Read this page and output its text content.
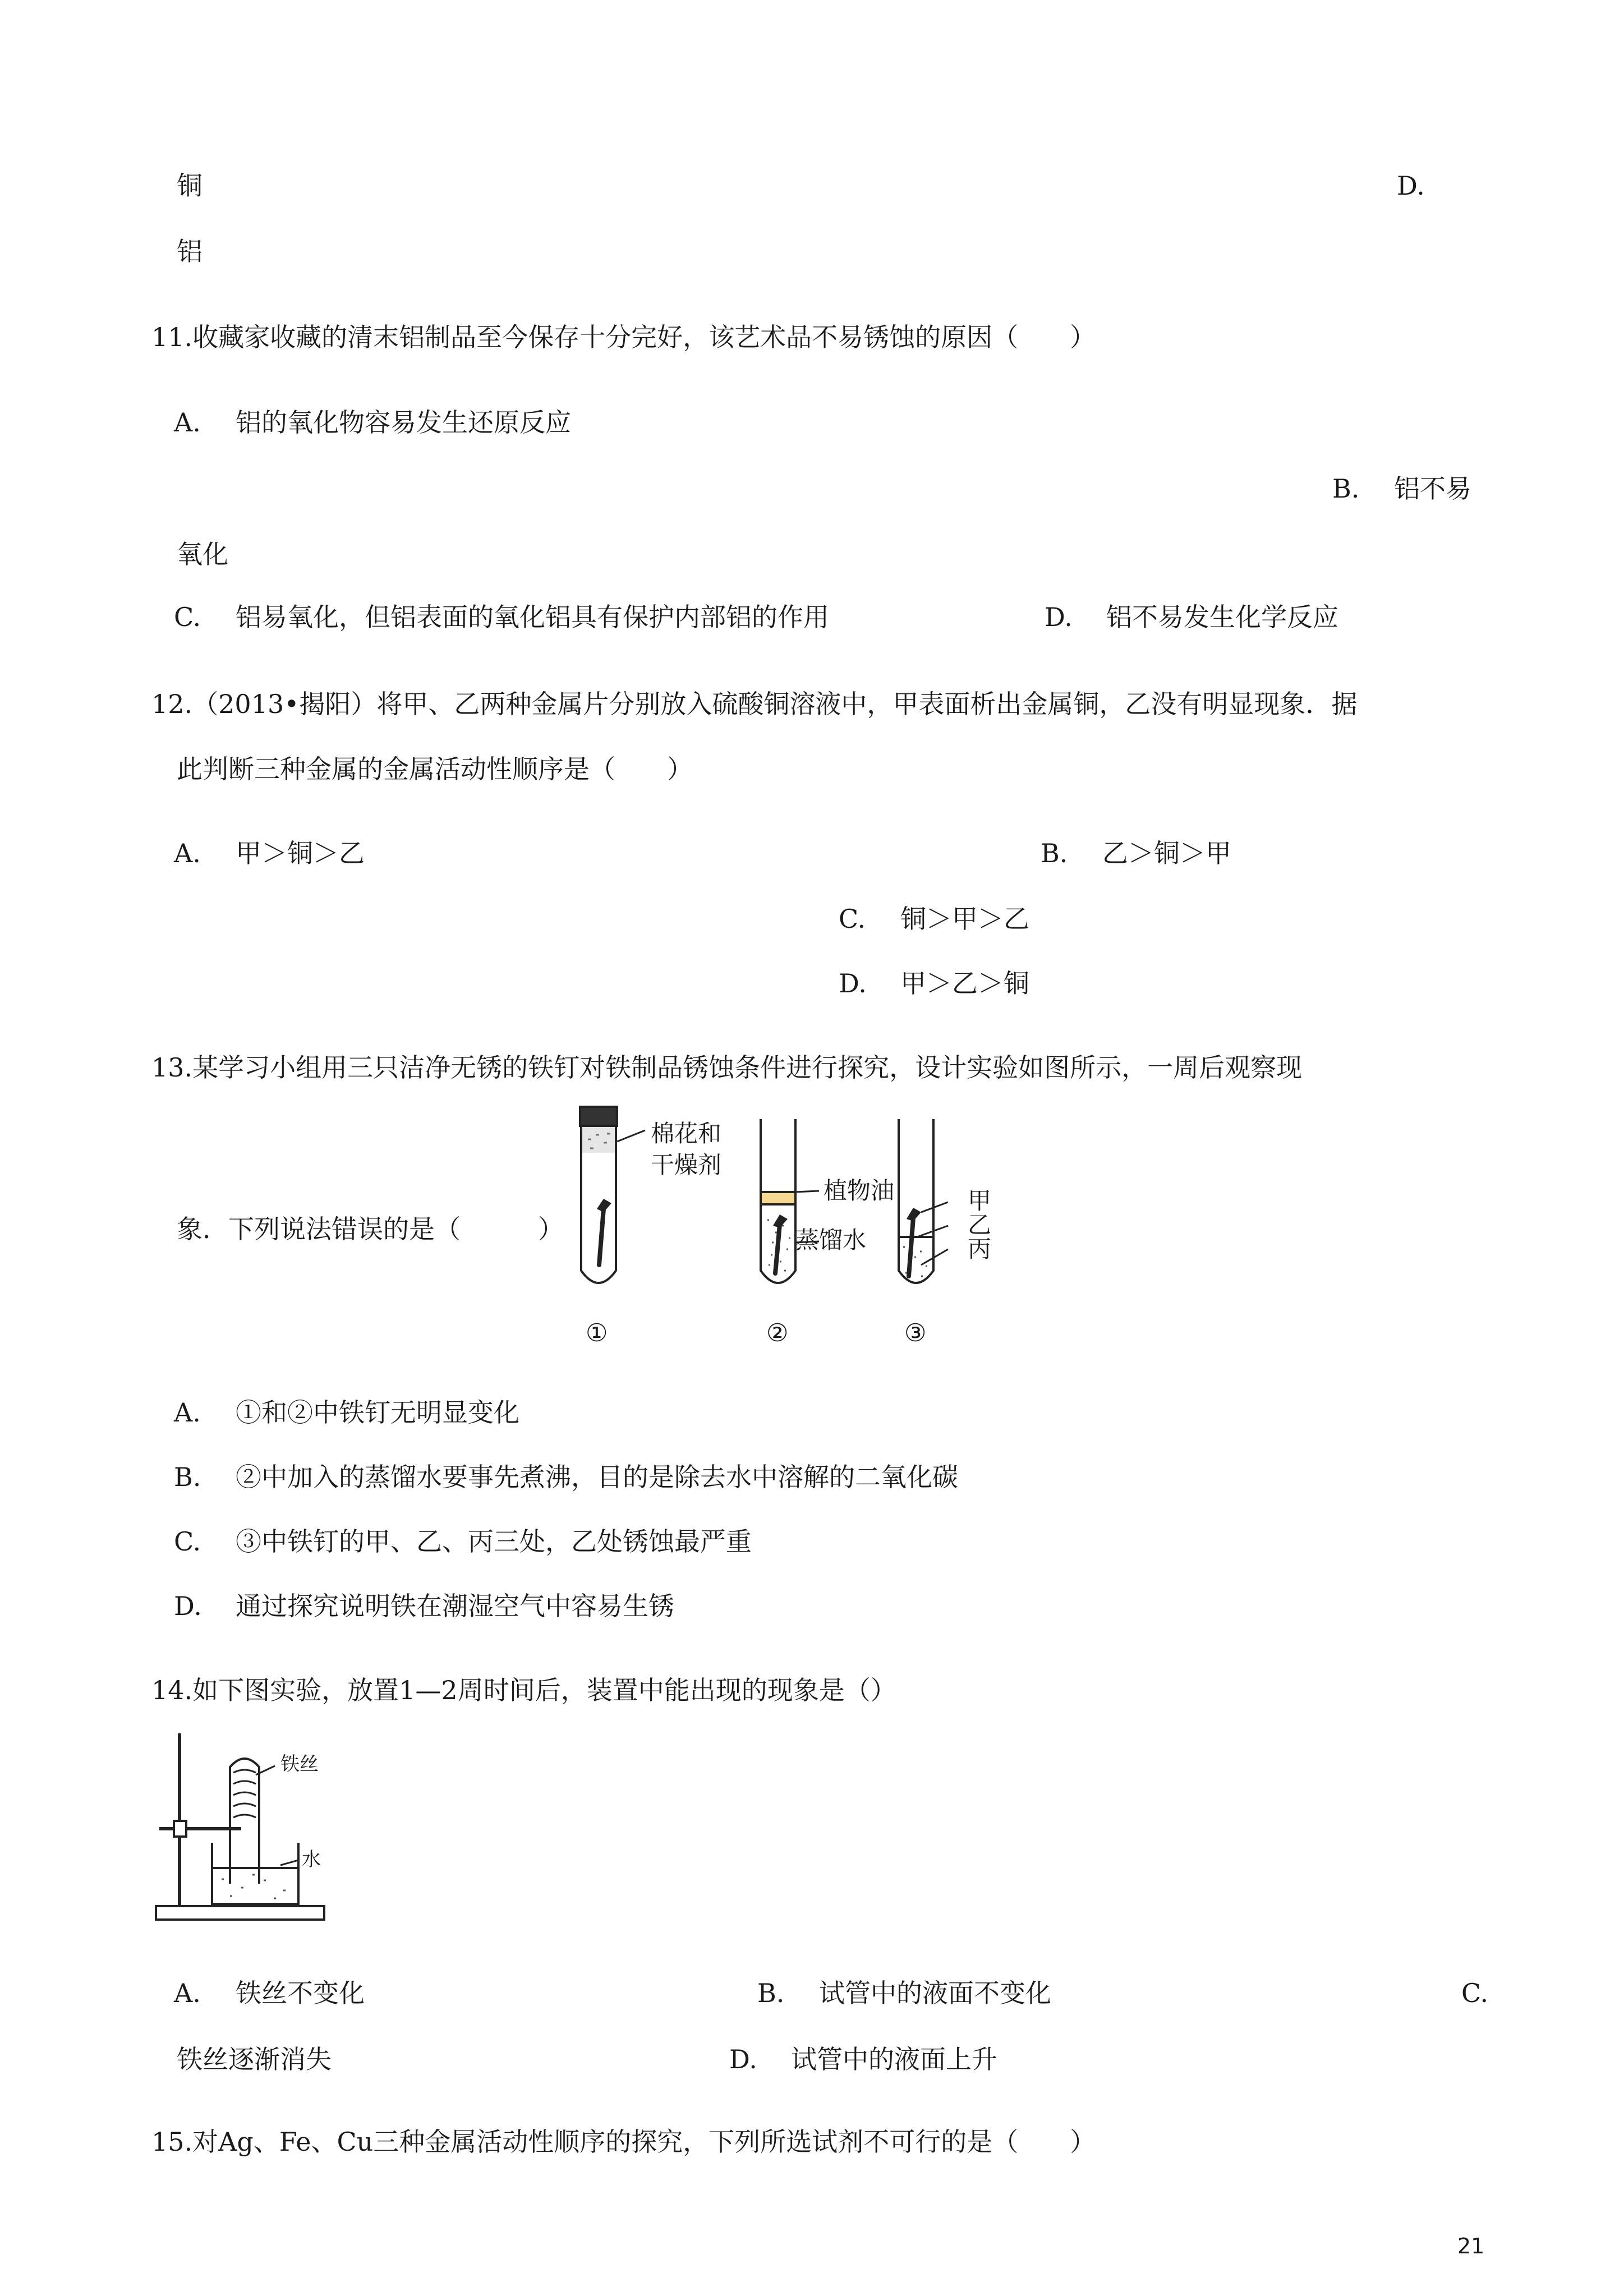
铜	D.
铝
11.收藏家收藏的清末铝制品至今保存十分完好，该艺术品不易锈蚀的原因（　　）
A. 铝的氧化物容易发生还原反应
B. 铝不易
氧化
C. 铝易氧化，但铝表面的氧化铝具有保护内部铝的作用	D. 铝不易发生化学反应
12.（2013•揭阳）将甲、乙两种金属片分别放入硫酸铜溶液中，甲表面析出金属铜，乙没有明显现象．据
此判断三种金属的金属活动性顺序是（　　）
A. 甲＞铜＞乙	B. 乙＞铜＞甲
C. 铜＞甲＞乙
D. 甲＞乙＞铜
13.某学习小组用三只洁净无锈的铁钉对铁制品锈蚀条件进行探究，设计实验如图所示，一周后观察现
象．下列说法错误的是（　　　）
棉花和
干燥剂
植物油
蒸馏水
甲
乙
丙
①	②	③
A. ①和②中铁钉无明显变化
B. ②中加入的蒸馏水要事先煮沸，目的是除去水中溶解的二氧化碳
C. ③中铁钉的甲、乙、丙三处，乙处锈蚀最严重
D. 通过探究说明铁在潮湿空气中容易生锈
14.如下图实验，放置1—2周时间后，装置中能出现的现象是（）
铁丝
水
A. 铁丝不变化	B. 试管中的液面不变化	C.
铁丝逐渐消失	D. 试管中的液面上升
15.对Ag、Fe、Cu三种金属活动性顺序的探究，下列所选试剂不可行的是（　　）
21
